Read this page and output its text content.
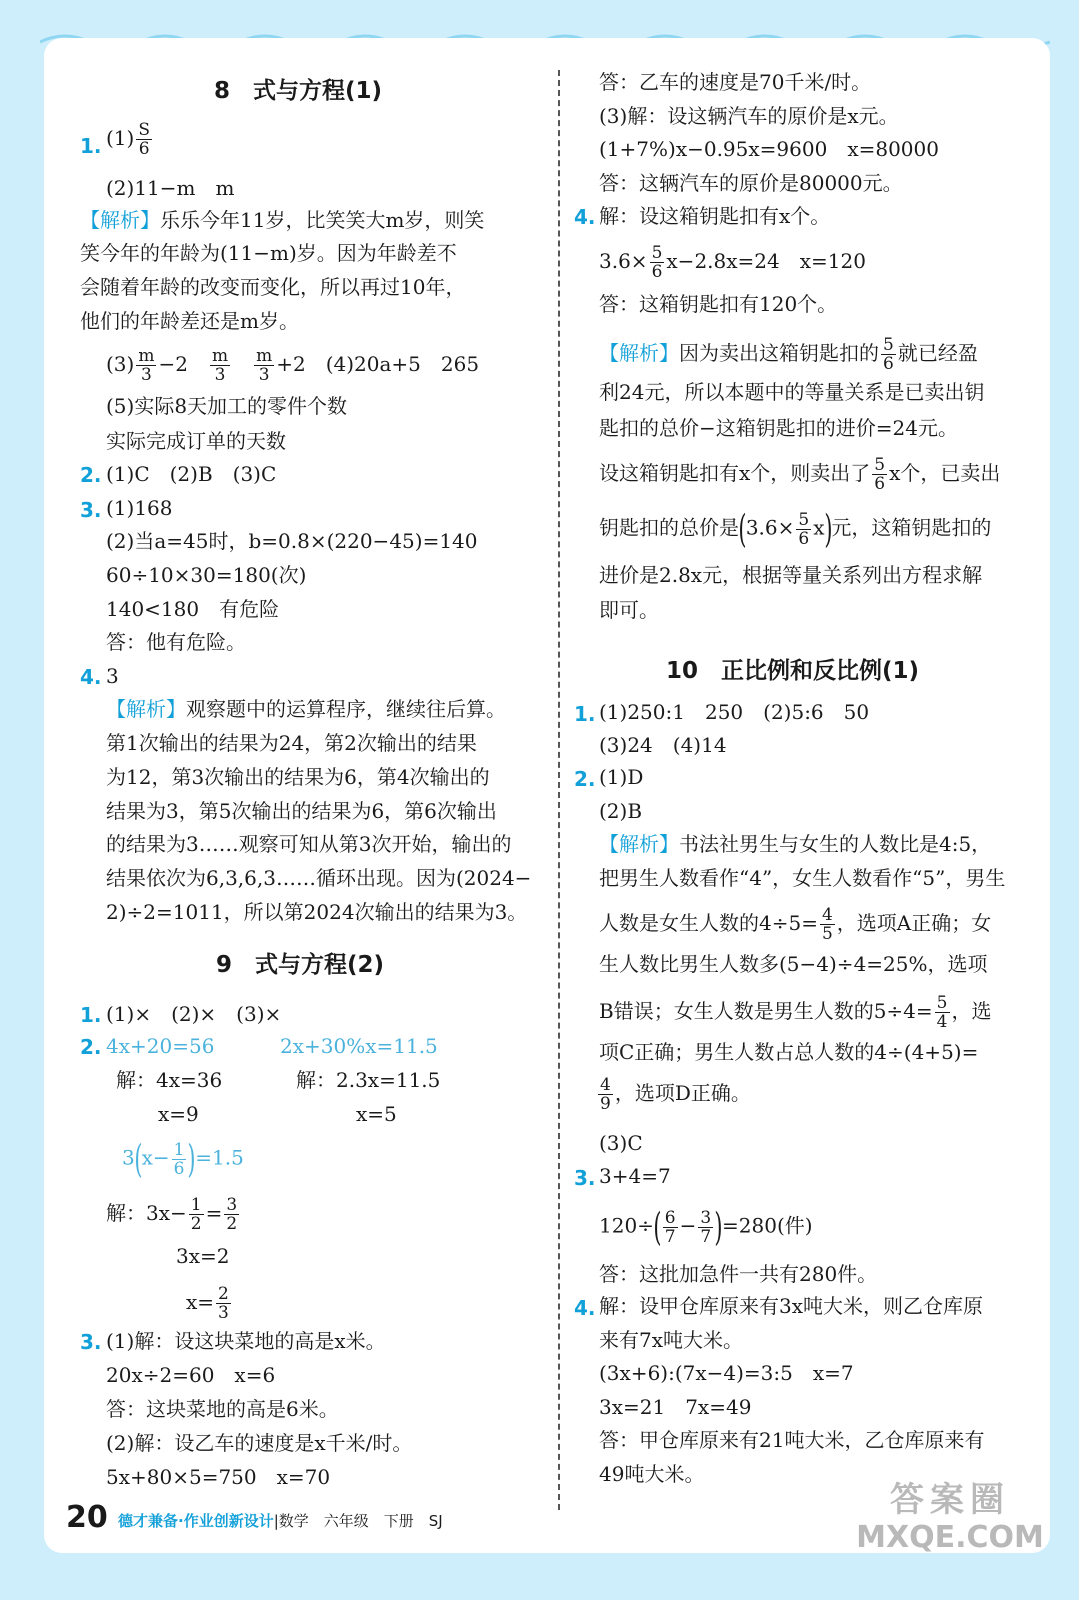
8　 式与方程(1)
1. $(1) \frac{S}{6}$
(2)11−m　m
【解析】乐乐今年11岁，比笑笑大m岁，则笑
笑今年的年龄为(11−m)岁。因为年龄差不
会随着年龄的改变而变化，所以再过10年，
他们的年龄差还是m岁。
$(3) \frac{m}{3} -2$　 $\frac{m}{3}$
　 $\frac{m}{3} +2$　 (4)20a+5　265
(5)实际8天加工的零件个数
实际完成订单的天数
2. (1)C　(2)B　(3)C
3. (1)168
(2)当a=45时，b=0.8×(220−45)=140
60÷10×30=180(次)
140<180　有危险
答：他有危险。
4. 3
【解析】观察题中的运算程序，继续往后算。
第1次输出的结果为24，第2次输出的结果
为12，第3次输出的结果为6，第4次输出的
结果为3，第5次输出的结果为6，第6次输出
的结果为3……观察可知从第3次开始，输出的
结果依次为6,3,6,3……循环出现。因为(2024−
2)÷2=1011，所以第2024次输出的结果为3。
9　 式与方程(2)
1. (1)×　(2)×　(3)×
2. 4x+20=56	2x+30%x=11.5
解：4x=36	解：2.3x=11.5
x=9	x=5
$3(x- \frac{1}{6} )=1.5$
解：$3x- \frac{1}{2} = \frac{3}{2}$
3x=2
$x= \frac{2}{3}$
3. (1)解：设这块菜地的高是x米。
20x÷2=60　x=6
答：这块菜地的高是6米。
(2)解：设乙车的速度是x千米/时。
5x+80×5=750　x=70
答：乙车的速度是70千米/时。
(3)解：设这辆汽车的原价是x元。
(1+7%)x−0.95x=9600　x=80000
答：这辆汽车的原价是80000元。
4. 解：设这箱钥匙扣有x个。
$3.6\times \frac{5}{6} x-2.8x=24$　x=120
答：这箱钥匙扣有120个。
【解析】因为卖出这箱钥匙扣的 $\frac{5}{6}$ 就已经盈
利24元，所以本题中的等量关系是已卖出钥
匙扣的总价−这箱钥匙扣的进价=24元。
设这箱钥匙扣有x个，则卖出了 $\frac{5}{6}$ x个，已卖出
钥匙扣的总价是$(3.6\times \frac{5}{6} x)$元，这箱钥匙扣的
进价是2.8x元，根据等量关系列出方程求解
即可。
10　 正比例和反比例(1)
1. (1)250:1　250　(2)5:6　50
(3)24　(4)14
2. (1)D
(2)B
【解析】书法社男生与女生的人数比是4:5，
把男生人数看作“4”，女生人数看作“5”，男生
人数是女生人数的$4\div 5= \frac{4}{5}$ ，选项A正确；女
生人数比男生人数多(5−4)÷4=25%，选项
B错误；女生人数是男生人数的$5\div 4= \frac{5}{4}$ ，选
项C正确；男生人数占总人数的4÷(4+5)=
$\frac{4}{9}$ ，选项D正确。
(3)C
3. 3+4=7
$120\div( \frac{6}{7} - \frac{3}{7} )=280$(件)
答：这批加急件一共有280件。
4. 解：设甲仓库原来有3x吨大米，则乙仓库原
来有7x吨大米。
(3x+6):(7x−4)=3:5　x=7
3x=21　7x=49
答：甲仓库原来有21吨大米，乙仓库原来有
49吨大米。
20 德才兼备·作业创新设计|数学　六年级　下册　SJ
答案圈
MXQE.COM
